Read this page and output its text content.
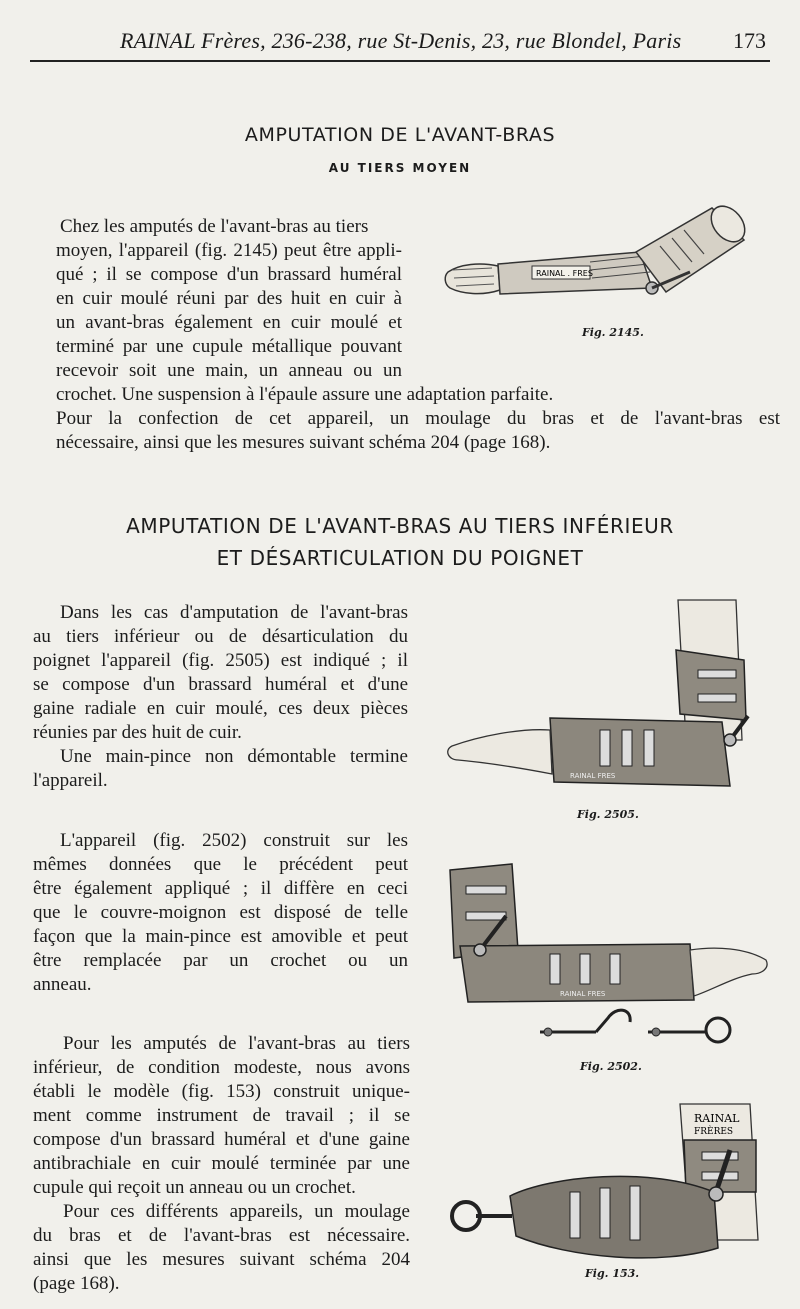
RAINAL Frères, 236-238, rue St-Denis, 23, rue Blondel, Paris 173
AMPUTATION DE L'AVANT-BRAS
AU TIERS MOYEN
Chez les amputés de l'avant-bras au tiers
moyen, l'appareil (fig. 2145) peut être appli-
qué ; il se compose d'un brassard huméral
en cuir moulé réuni par des huit en cuir à
un avant-bras également en cuir moulé et
terminé par une cupule métallique pouvant
recevoir soit une main, un anneau ou un
crochet. Une suspension à l'épaule assure une adaptation parfaite.
Pour la confection de cet appareil, un moulage du bras et de l'avant-bras est
nécessaire, ainsi que les mesures suivant schéma 204 (page 168).
RAINAL . FRES
Fig. 2145.
AMPUTATION DE L'AVANT-BRAS AU TIERS INFÉRIEUR
ET DÉSARTICULATION DU POIGNET
Dans les cas d'amputation de l'avant-bras
au tiers inférieur ou de désarticulation du
poignet l'appareil (fig. 2505) est indiqué ; il
se compose d'un brassard huméral et d'une
gaine radiale en cuir moulé, ces deux pièces
réunies par des huit de cuir.
Une main-pince non démontable termine
l'appareil.
L'appareil (fig. 2502) construit sur les
mêmes données que le précédent peut
être également appliqué ; il diffère en ceci
que le couvre-moignon est disposé de telle
façon que la main-pince est amovible et peut
être remplacée par un crochet ou un
anneau.
Pour les amputés de l'avant-bras au tiers
inférieur, de condition modeste, nous avons
établi le modèle (fig. 153) construit unique-
ment comme instrument de travail ; il se
compose d'un brassard huméral et d'une gaine
antibrachiale en cuir moulé terminée par une
cupule qui reçoit un anneau ou un crochet.
Pour ces différents appareils, un moulage
du bras et de l'avant-bras est nécessaire.
ainsi que les mesures suivant schéma 204
(page 168).
RAINAL FRES
Fig. 2505.
RAINAL FRES
Fig. 2502.
RAINAL
FRÈRES
Fig. 153.
